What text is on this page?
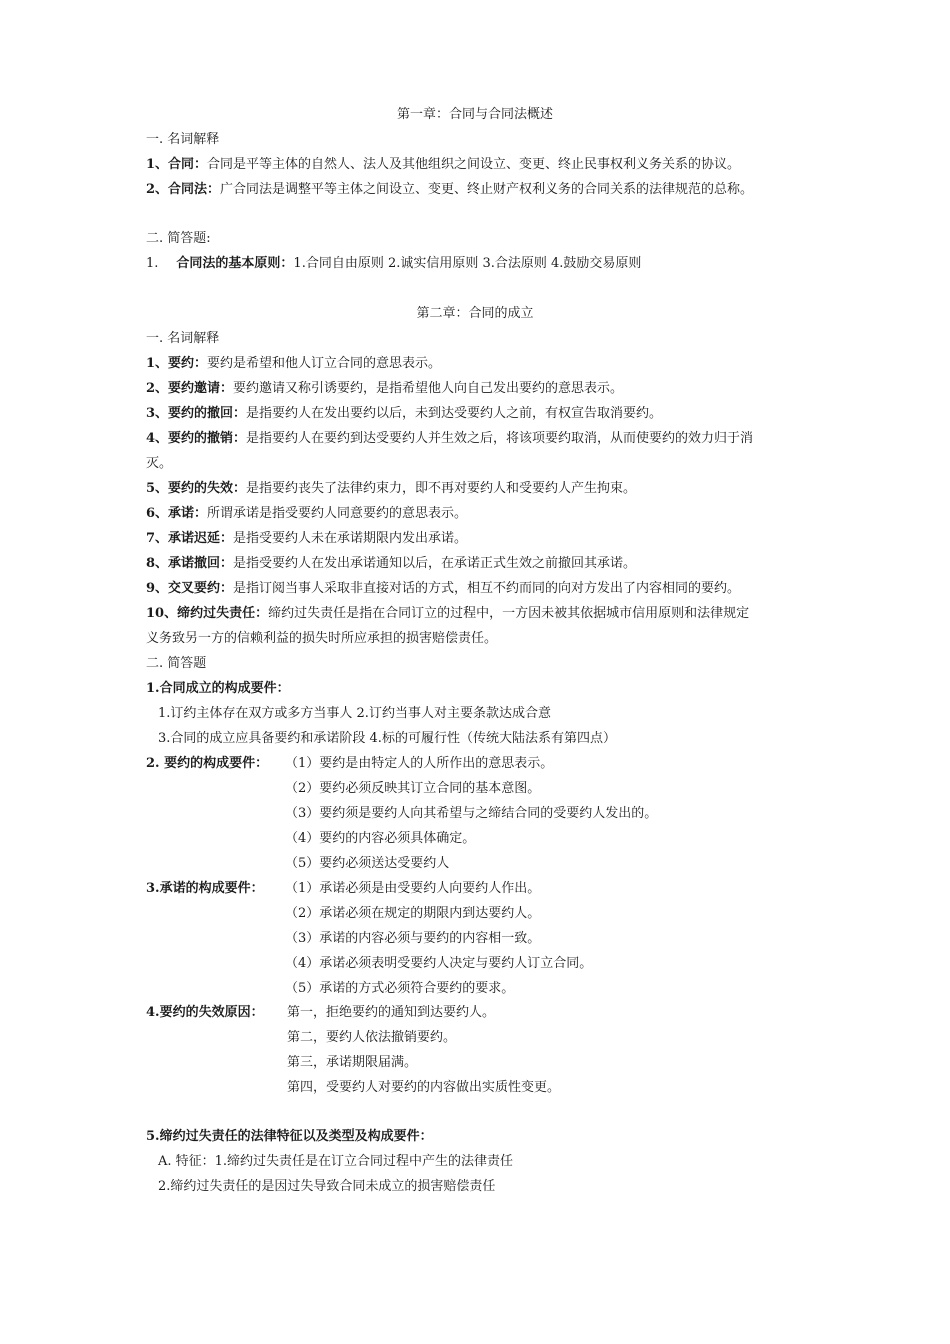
第一章：合同与合同法概述
一. 名词解释
1、合同：合同是平等主体的自然人、法人及其他组织之间设立、变更、终止民事权利义务关系的协议。
2、合同法：广合同法是调整平等主体之间设立、变更、终止财产权利义务的合同关系的法律规范的总称。
二. 简答题:
1. 合同法的基本原则：1.合同自由原则 2.诚实信用原则 3.合法原则 4.鼓励交易原则
第二章：合同的成立
一. 名词解释
1、要约：要约是希望和他人订立合同的意思表示。
2、要约邀请：要约邀请又称引诱要约，是指希望他人向自己发出要约的意思表示。
3、要约的撤回：是指要约人在发出要约以后，未到达受要约人之前，有权宣告取消要约。
4、要约的撤销：是指要约人在要约到达受要约人并生效之后，将该项要约取消，从而使要约的效力归于消
灭。
5、要约的失效：是指要约丧失了法律约束力，即不再对要约人和受要约人产生拘束。
6、承诺：所谓承诺是指受要约人同意要约的意思表示。
7、承诺迟延：是指受要约人未在承诺期限内发出承诺。
8、承诺撤回：是指受要约人在发出承诺通知以后，在承诺正式生效之前撤回其承诺。
9、交叉要约：是指订阅当事人采取非直接对话的方式，相互不约而同的向对方发出了内容相同的要约。
10、缔约过失责任：缔约过失责任是指在合同订立的过程中，一方因未被其依据城市信用原则和法律规定
义务致另一方的信赖利益的损失时所应承担的损害赔偿责任。
二. 简答题
1.合同成立的构成要件：
1.订约主体存在双方或多方当事人 2.订约当事人对主要条款达成合意
3.合同的成立应具备要约和承诺阶段 4.标的可履行性（传统大陆法系有第四点）
2. 要约的构成要件： （1）要约是由特定人的人所作出的意思表示。
（2）要约必须反映其订立合同的基本意图。
（3）要约须是要约人向其希望与之缔结合同的受要约人发出的。
（4）要约的内容必须具体确定。
（5）要约必须送达受要约人
3.承诺的构成要件： （1）承诺必须是由受要约人向要约人作出。
（2）承诺必须在规定的期限内到达要约人。
（3）承诺的内容必须与要约的内容相一致。
（4）承诺必须表明受要约人决定与要约人订立合同。
（5）承诺的方式必须符合要约的要求。
4.要约的失效原因： 第一，拒绝要约的通知到达要约人。
第二，要约人依法撤销要约。
第三，承诺期限届满。
第四，受要约人对要约的内容做出实质性变更。
5.缔约过失责任的法律特征以及类型及构成要件：
A. 特征：1.缔约过失责任是在订立合同过程中产生的法律责任
2.缔约过失责任的是因过失导致合同未成立的损害赔偿责任
